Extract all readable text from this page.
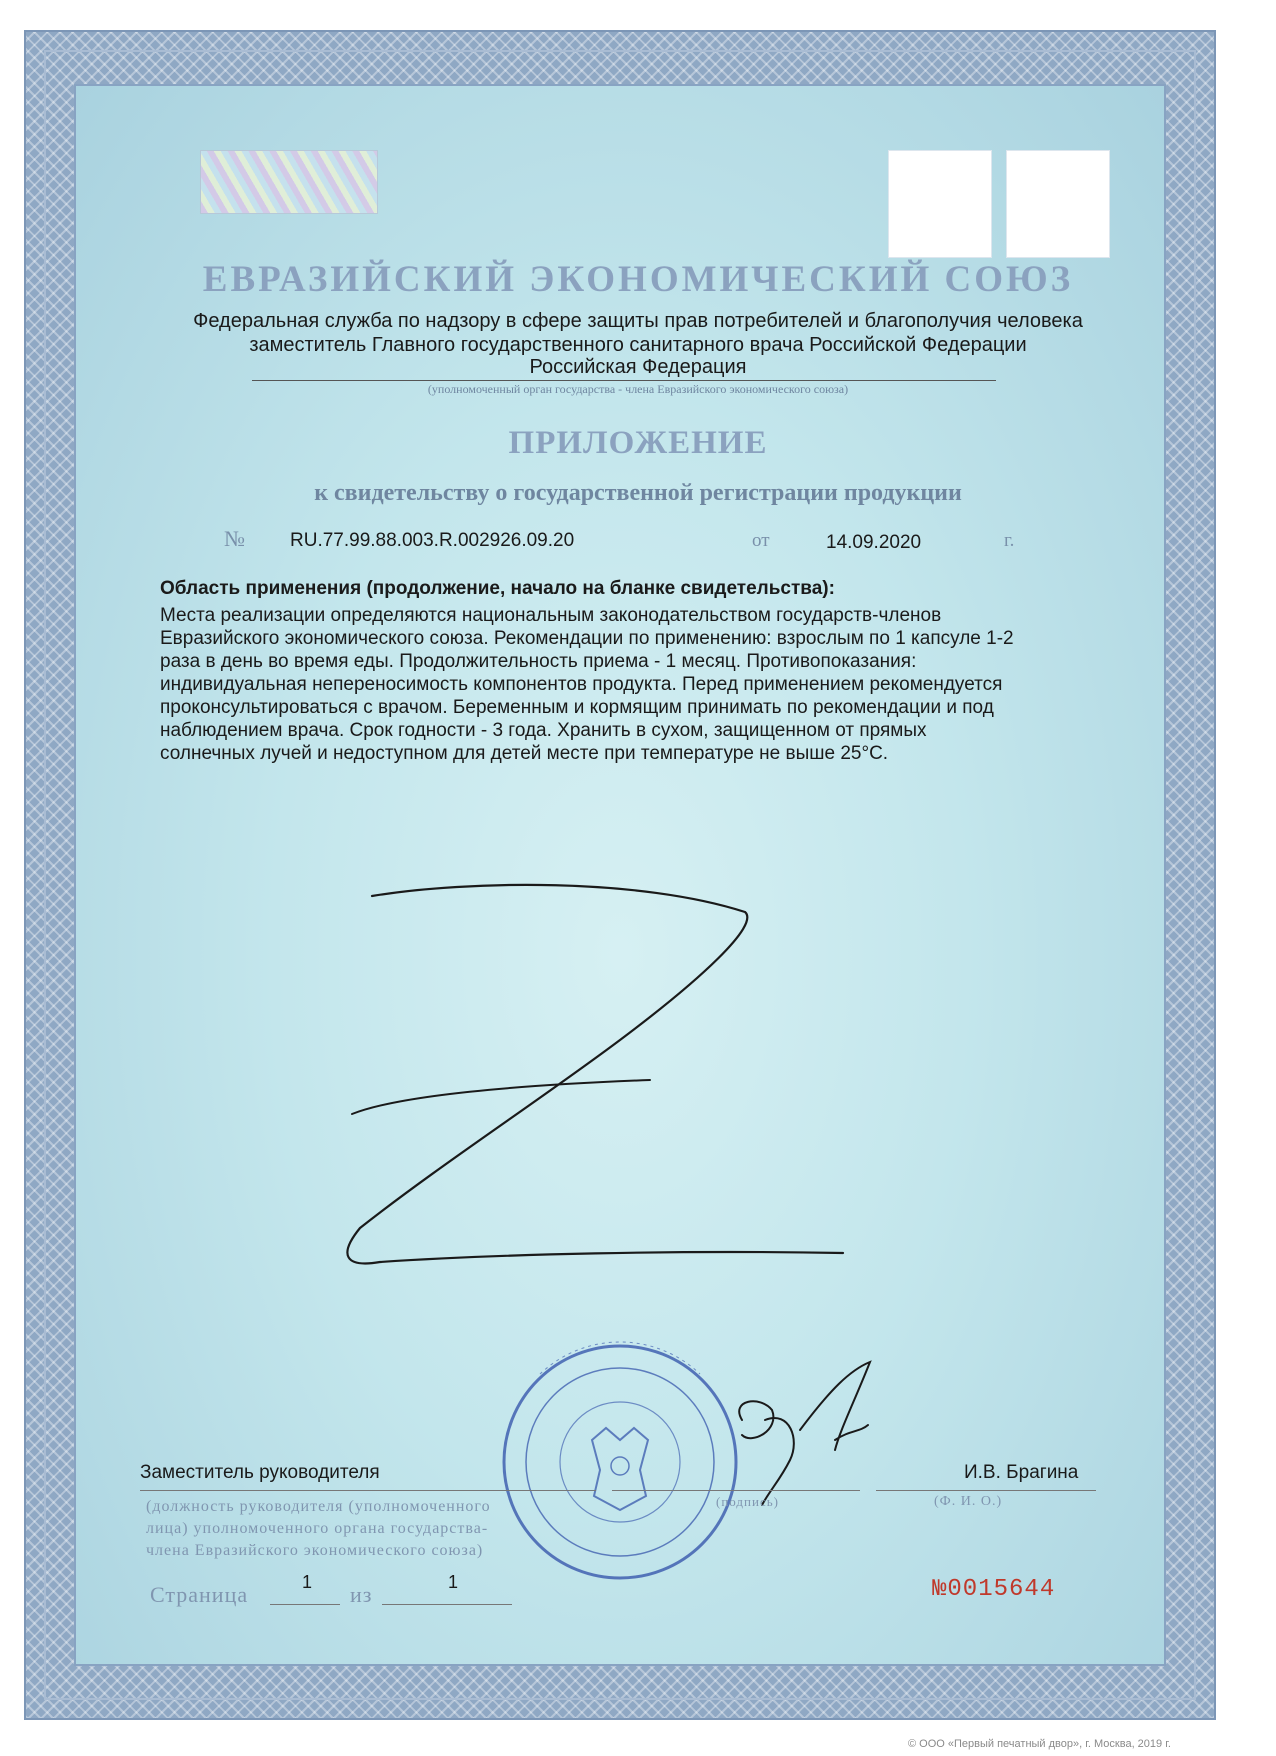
ЕВРАЗИЙСКИЙ ЭКОНОМИЧЕСКИЙ СОЮЗ
Федеральная служба по надзору в сфере защиты прав потребителей и благополучия человека
заместитель Главного государственного санитарного врача Российской Федерации
Российская Федерация
(уполномоченный орган государства - члена Евразийского экономического союза)
ПРИЛОЖЕНИЕ
к свидетельству о государственной регистрации продукции
№ RU.77.99.88.003.R.002926.09.20	от	14.09.2020	г.
Область применения (продолжение, начало на бланке свидетельства):
Места реализации определяются национальным законодательством государств-членов
Евразийского экономического союза. Рекомендации по применению: взрослым по 1 капсуле 1-2
раза в день во время еды. Продолжительность приема - 1 месяц. Противопоказания:
индивидуальная непереносимость компонентов продукта. Перед применением рекомендуется
проконсультироваться с врачом. Беременным и кормящим принимать по рекомендации и под
наблюдением врача. Срок годности - 3 года. Хранить в сухом, защищенном от прямых
солнечных лучей и недоступном для детей месте при температуре не выше 25°C.
Заместитель руководителя	И.В. Брагина
(должность руководителя (уполномоченного
лица) уполномоченного органа государства-
члена Евразийского экономического союза)
(подпись)	(Ф. И. О.)
Страница	1 из	1	№0015644
© ООО «Первый печатный двор», г. Москва, 2019 г.
